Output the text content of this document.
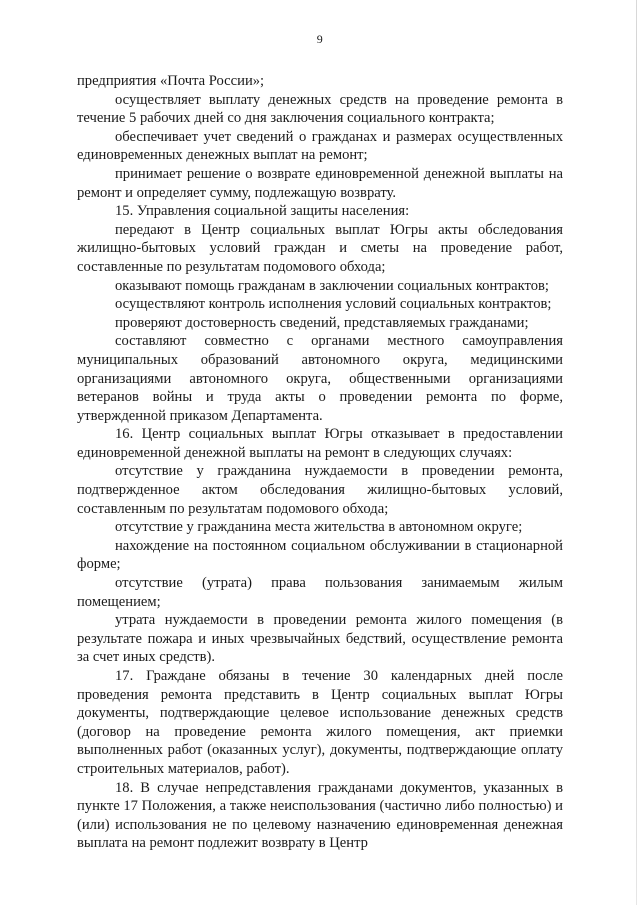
9

предприятия «Почта России»;

осуществляет выплату денежных средств на проведение ремонта в течение 5 рабочих дней со дня заключения социального контракта;

обеспечивает учет сведений о гражданах и размерах осуществленных единовременных денежных выплат на ремонт;

принимает решение о возврате единовременной денежной выплаты на ремонт и определяет сумму, подлежащую возврату.

15. Управления социальной защиты населения:

передают в Центр социальных выплат Югры акты обследования жилищно-бытовых условий граждан и сметы на проведение работ, составленные по результатам подомового обхода;

оказывают помощь гражданам в заключении социальных контрактов;

осуществляют контроль исполнения условий социальных контрактов;

проверяют достоверность сведений, представляемых гражданами;

составляют совместно с органами местного самоуправления муниципальных образований автономного округа, медицинскими организациями автономного округа, общественными организациями ветеранов войны и труда акты о проведении ремонта по форме, утвержденной приказом Департамента.

16. Центр социальных выплат Югры отказывает в предоставлении единовременной денежной выплаты на ремонт в следующих случаях:

отсутствие у гражданина нуждаемости в проведении ремонта, подтвержденное актом обследования жилищно-бытовых условий, составленным по результатам подомового обхода;

отсутствие у гражданина места жительства в автономном округе;

нахождение на постоянном социальном обслуживании в стационарной форме;

отсутствие (утрата) права пользования занимаемым жилым помещением;

утрата нуждаемости в проведении ремонта жилого помещения (в результате пожара и иных чрезвычайных бедствий, осуществление ремонта за счет иных средств).

17. Граждане обязаны в течение 30 календарных дней после проведения ремонта представить в Центр социальных выплат Югры документы, подтверждающие целевое использование денежных средств (договор на проведение ремонта жилого помещения, акт приемки выполненных работ (оказанных услуг), документы, подтверждающие оплату строительных материалов, работ).

18. В случае непредставления гражданами документов, указанных в пункте 17 Положения, а также неиспользования (частично либо полностью) и (или) использования не по целевому назначению единовременная денежная выплата на ремонт подлежит возврату в Центр
